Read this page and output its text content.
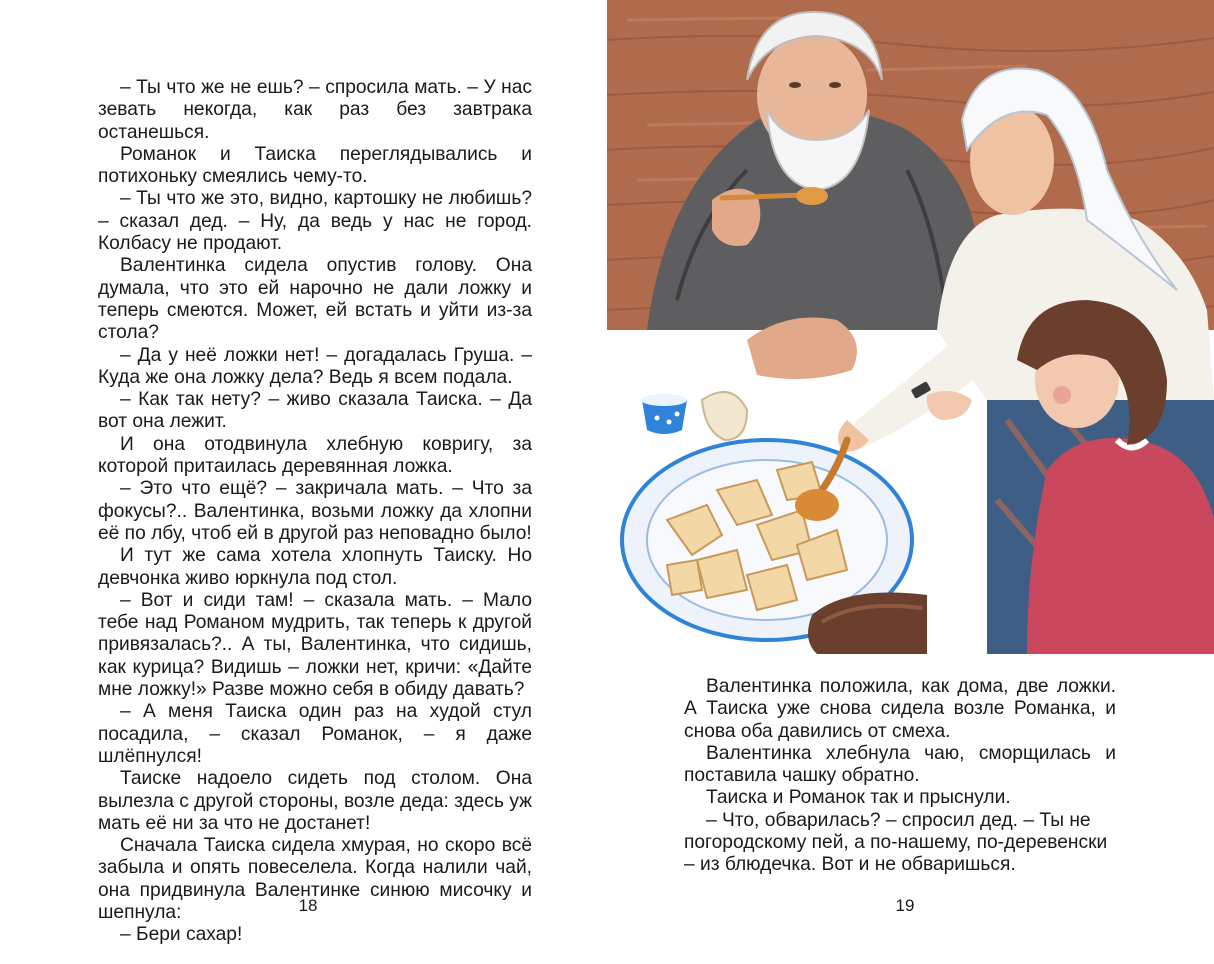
– Ты что же не ешь? – спросила мать. – У нас зевать некогда, как раз без завтрака останешься.

Романок и Таиска переглядывались и потихоньку смеялись чему-то.

– Ты что же это, видно, картошку не любишь? – сказал дед. – Ну, да ведь у нас не город. Колбасу не продают.

Валентинка сидела опустив голову. Она думала, что это ей нарочно не дали ложку и теперь смеются. Может, ей встать и уйти из-за стола?

– Да у неё ложки нет! – догадалась Груша. – Куда же она ложку дела? Ведь я всем подала.

– Как так нету? – живо сказала Таиска. – Да вот она лежит.

И она отодвинула хлебную ковригу, за которой притаилась деревянная ложка.

– Это что ещё? – закричала мать. – Что за фокусы?.. Валентинка, возьми ложку да хлопни её по лбу, чтоб ей в другой раз неповадно было!

И тут же сама хотела хлопнуть Таиску. Но девчонка живо юркнула под стол.

– Вот и сиди там! – сказала мать. – Мало тебе над Романом мудрить, так теперь к другой привязалась?.. А ты, Валентинка, что сидишь, как курица? Видишь – ложки нет, кричи: «Дайте мне ложку!» Разве можно себя в обиду давать?

– А меня Таиска один раз на худой стул посадила, – сказал Романок, – я даже шлёпнулся!

Таиске надоело сидеть под столом. Она вылезла с другой стороны, возле деда: здесь уж мать её ни за что не достанет!

Сначала Таиска сидела хмурая, но скоро всё забыла и опять повеселела. Когда налили чай, она придвинула Валентинке синюю мисочку и шепнула:

– Бери сахар!

18

Валентинка положила, как дома, две ложки. А Таиска уже снова сидела возле Романка, и снова оба давились от смеха.

Валентинка хлебнула чаю, сморщилась и поставила чашку обратно.

Таиска и Романок так и прыснули.

– Что, обварилась? – спросил дед. – Ты не погородскому пей, а по-нашему, по-деревенски – из блюдечка. Вот и не обваришься.

19
